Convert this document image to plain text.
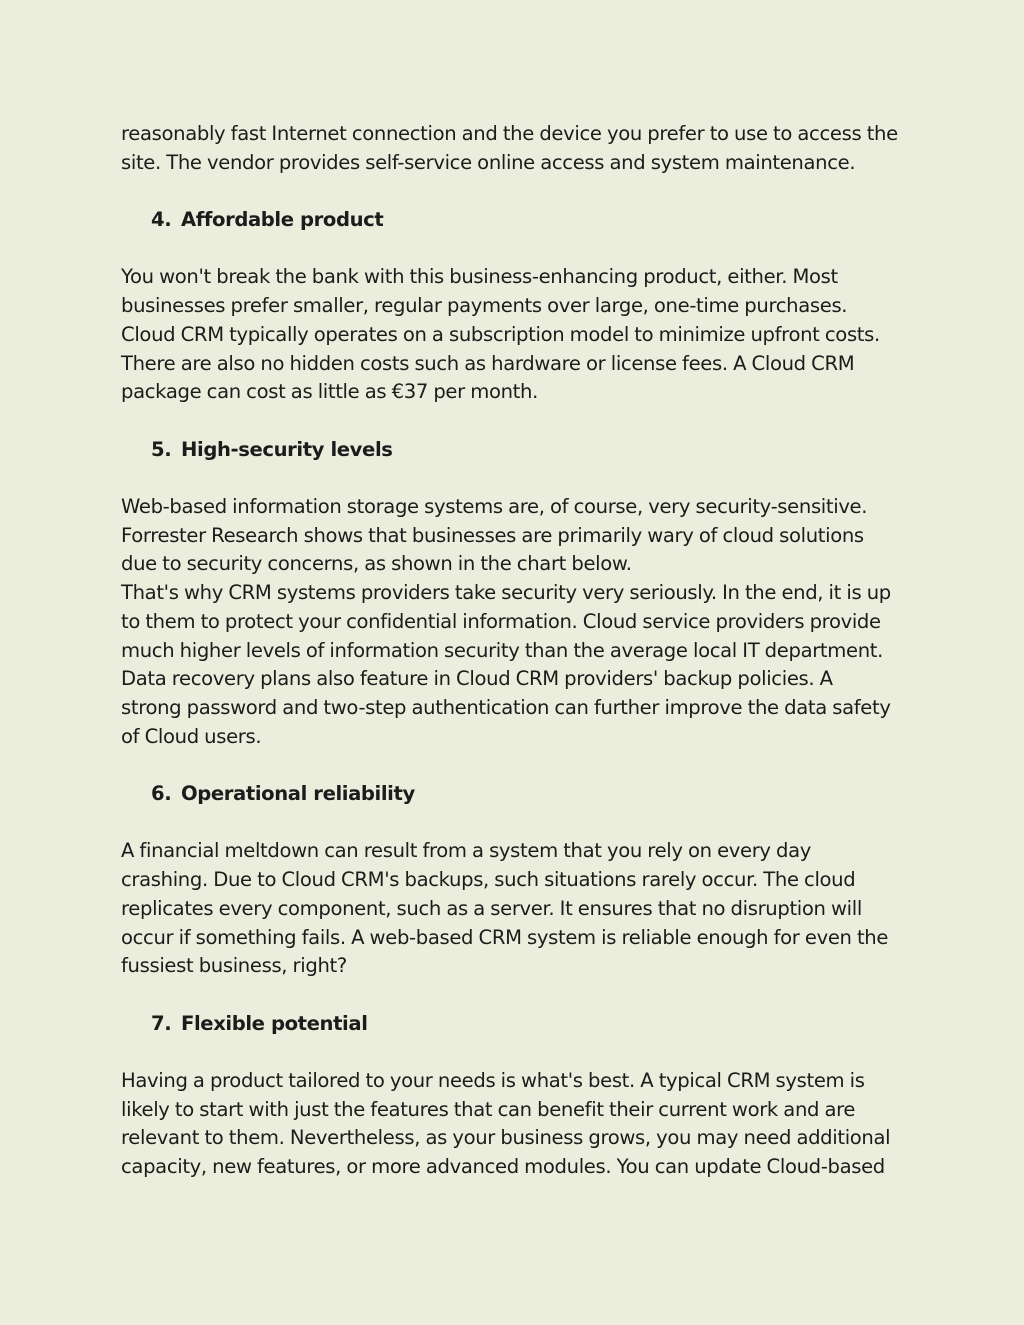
reasonably fast Internet connection and the device you prefer to use to access the
site. The vendor provides self-service online access and system maintenance.
4. Affordable product
You won't break the bank with this business-enhancing product, either. Most
businesses prefer smaller, regular payments over large, one-time purchases.
Cloud CRM typically operates on a subscription model to minimize upfront costs.
There are also no hidden costs such as hardware or license fees. A Cloud CRM
package can cost as little as €37 per month.
5. High-security levels
Web-based information storage systems are, of course, very security-sensitive.
Forrester Research shows that businesses are primarily wary of cloud solutions
due to security concerns, as shown in the chart below.
That's why CRM systems providers take security very seriously. In the end, it is up
to them to protect your confidential information. Cloud service providers provide
much higher levels of information security than the average local IT department.
Data recovery plans also feature in Cloud CRM providers' backup policies. A
strong password and two-step authentication can further improve the data safety
of Cloud users.
6. Operational reliability
A financial meltdown can result from a system that you rely on every day
crashing. Due to Cloud CRM's backups, such situations rarely occur. The cloud
replicates every component, such as a server. It ensures that no disruption will
occur if something fails. A web-based CRM system is reliable enough for even the
fussiest business, right?
7. Flexible potential
Having a product tailored to your needs is what's best. A typical CRM system is
likely to start with just the features that can benefit their current work and are
relevant to them. Nevertheless, as your business grows, you may need additional
capacity, new features, or more advanced modules. You can update Cloud-based
